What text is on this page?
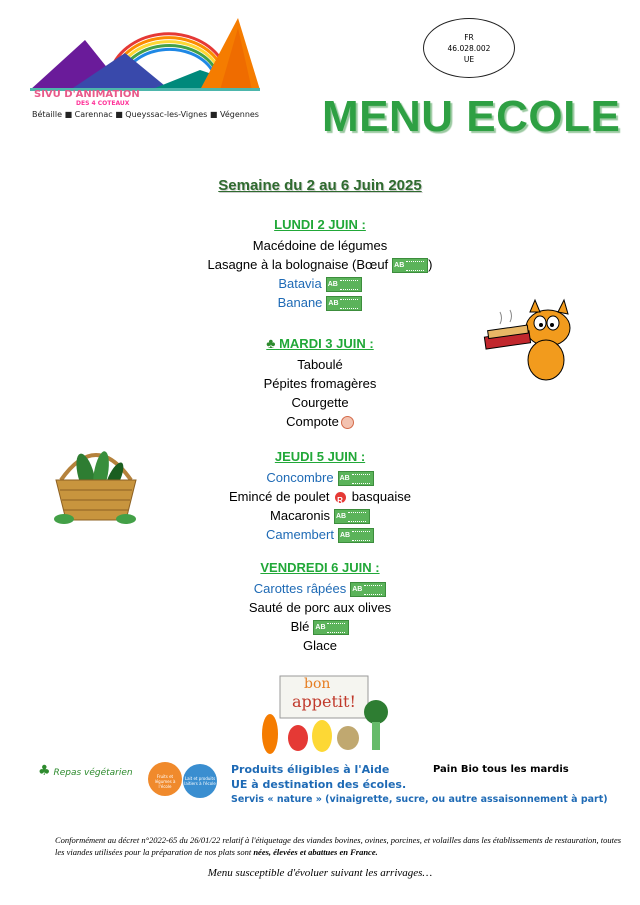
SIVU D'ANIMATION
DES 4 COTEAUX
Bétaille ■ Carennac ■ Queyssac-les-Vignes ■ Végennes
FR
46.028.002
UE
MENU ECOLE
Semaine du 2 au 6 Juin 2025
LUNDI 2 JUIN :
Macédoine de légumes
Lasagne à la bolognaise (Bœuf AB	)
BataviaAB
BananeAB
♣ MARDI 3 JUIN :
Taboulé
Pépites fromagères
Courgette
Compote
JEUDI 5 JUIN :
ConcombreAB
Emincé de poulet R basquaise
MacaronisAB
CamembertAB
VENDREDI 6 JUIN :
Carottes râpéesAB
Sauté de porc aux olives
BléAB
Glace
bon
appetit!
♣ Repas végétarien	Fruits et légumes à l'école
Lait et produits laitiers à l'école
Produits éligibles à l'Aide
UE à destination des écoles.
Servis « nature » (vinaigrette, sucre, ou autre assaisonnement à part)
Pain Bio tous les mardis
Conformément au décret n°2022-65 du 26/01/22 relatif à l'étiquetage des viandes bovines, ovines, porcines, et volailles dans les établissements de restauration, toutes les viandes utilisées pour la préparation de nos plats sont nées, élevées et abattues en France.
Menu susceptible d'évoluer suivant les arrivages…
